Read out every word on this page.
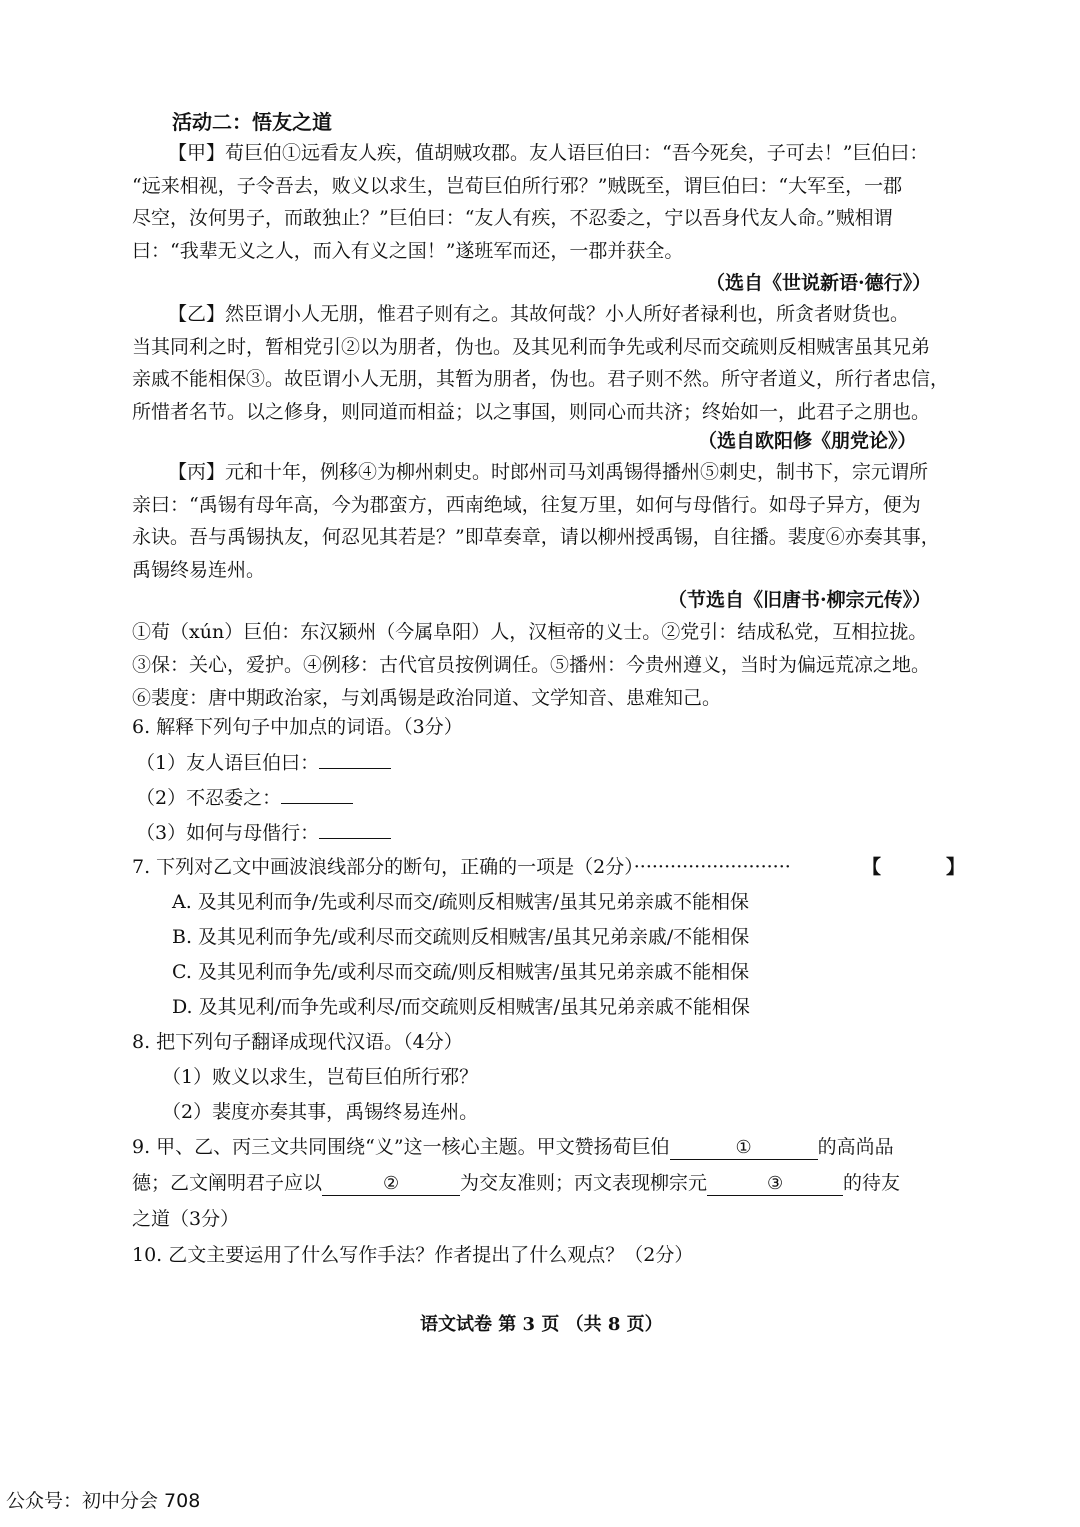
活动二：悟友之道

【甲】荀巨伯①远看友人疾，值胡贼攻郡。友人语巨伯曰：“吾今死矣，子可去！”巨伯曰：

“远来相视，子令吾去，败义以求生，岂荀巨伯所行邪？”贼既至，谓巨伯曰：“大军至，一郡

尽空，汝何男子，而敢独止？”巨伯曰：“友人有疾，不忍委之，宁以吾身代友人命。”贼相谓

曰：“我辈无义之人，而入有义之国！”遂班军而还，一郡并获全。

（选自《世说新语·德行》）

【乙】然臣谓小人无朋，惟君子则有之。其故何哉？小人所好者禄利也，所贪者财货也。

当其同利之时，暂相党引②以为朋者，伪也。及其见利而争先或利尽而交疏则反相贼害虽其兄弟

亲戚不能相保③。故臣谓小人无朋，其暂为朋者，伪也。君子则不然。所守者道义，所行者忠信，

所惜者名节。以之修身，则同道而相益；以之事国，则同心而共济；终始如一，此君子之朋也。

（选自欧阳修《朋党论》）

【丙】元和十年，例移④为柳州刺史。时郎州司马刘禹锡得播州⑤刺史，制书下，宗元谓所

亲曰：“禹锡有母年高，今为郡蛮方，西南绝域，往复万里，如何与母偕行。如母子异方，便为

永诀。吾与禹锡执友，何忍见其若是？”即草奏章，请以柳州授禹锡，自往播。裴度⑥亦奏其事，

禹锡终易连州。

（节选自《旧唐书·柳宗元传》）

①荀（xún）巨伯：东汉颍州（今属阜阳）人，汉桓帝的义士。②党引：结成私党，互相拉拢。

③保：关心，爱护。④例移：古代官员按例调任。⑤播州：今贵州遵义，当时为偏远荒凉之地。

⑥裴度：唐中期政治家，与刘禹锡是政治同道、文学知音、患难知己。

6. 解释下列句子中加点的词语。（3分）
（1）友人语巨伯曰：
（2）不忍委之：
（3）如何与母偕行：
7. 下列对乙文中画波浪线部分的断句，正确的一项是（2分）··························	【	】
A. 及其见利而争/先或利尽而交/疏则反相贼害/虽其兄弟亲戚不能相保
B. 及其见利而争先/或利尽而交疏则反相贼害/虽其兄弟亲戚/不能相保
C. 及其见利而争先/或利尽而交疏/则反相贼害/虽其兄弟亲戚不能相保
D. 及其见利/而争先或利尽/而交疏则反相贼害/虽其兄弟亲戚不能相保
8. 把下列句子翻译成现代汉语。（4分）
（1）败义以求生，岂荀巨伯所行邪？
（2）裴度亦奏其事，禹锡终易连州。
9. 甲、乙、丙三文共同围绕“义”这一核心主题。甲文赞扬荀巨伯	①	的高尚品
德；乙文阐明君子应以	②	为交友准则；丙文表现柳宗元	③	的待友
之道（3分）
10. 乙文主要运用了什么写作手法？作者提出了什么观点？（2分）
语文试卷 第 3 页 （共 8 页）
公众号：初中分会 708
